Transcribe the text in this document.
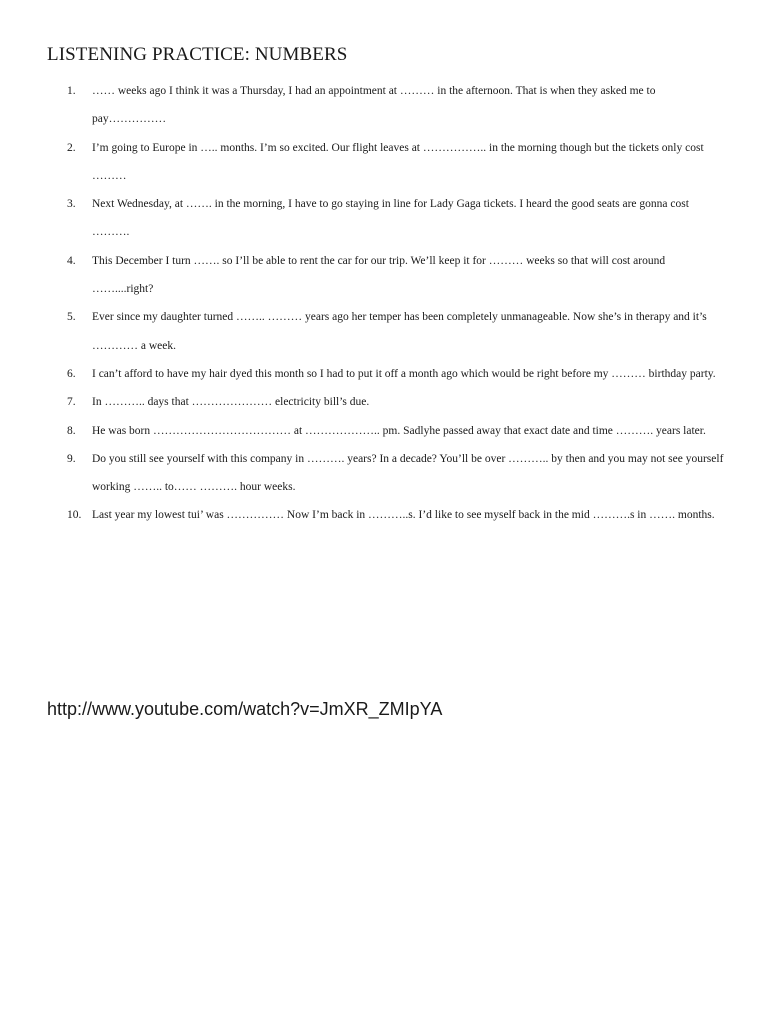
LISTENING PRACTICE: NUMBERS
1. …… weeks ago I think it was a Thursday, I had an appointment at ……… in the afternoon. That is when they asked me to pay……………
2. I’m going to Europe in ….. months. I’m so excited. Our flight leaves at …………….. in the morning though but the tickets only cost ………
3. Next Wednesday, at ……. in the morning, I have to go staying in line for Lady Gaga tickets. I heard the good seats are gonna cost ……….
4. This December I turn ……. so I’ll be able to rent the car for our trip. We’ll keep it for ……… weeks so that will cost around ……....right?
5. Ever since my daughter turned …….. ……… years ago her temper has been completely unmanageable. Now she’s in therapy and it’s ………… a week.
6. I can’t afford to have my hair dyed this month so I had to put it off a month ago which would be right before my ……… birthday party.
7. In ……….. days that ………………… electricity bill’s due.
8. He was born ……………………………… at ……………….. pm. Sadlyhe passed away that exact date and time ………. years later.
9. Do you still see yourself with this company in ………. years? In a decade? You’ll be over ……….. by then and you may not see yourself working …….. to…… ………. hour weeks.
10. Last year my lowest tui’ was …………… Now I’m back in ………..s. I’d like to see myself back in the mid ……….s in ……. months.
http://www.youtube.com/watch?v=JmXR_ZMIpYA
